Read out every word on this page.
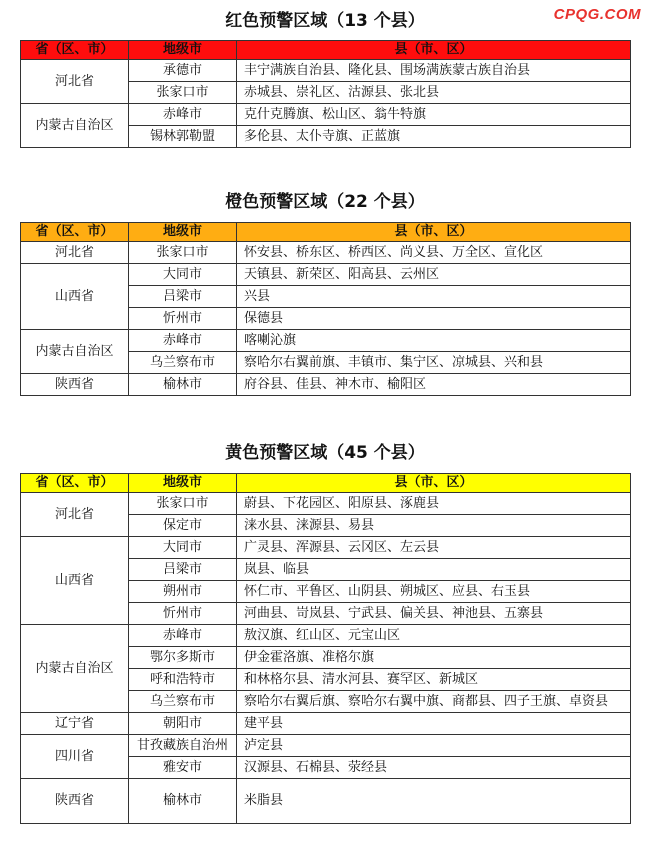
CPQG.COM
红色预警区域（13 个县）
省（区、市）	地级市	县（市、区）
河北省	承德市	丰宁满族自治县、隆化县、围场满族蒙古族自治县
	张家口市	赤城县、崇礼区、沽源县、张北县
内蒙古自治区	赤峰市	克什克腾旗、松山区、翁牛特旗
	锡林郭勒盟	多伦县、太仆寺旗、正蓝旗
橙色预警区域（22 个县）
省（区、市）	地级市	县（市、区）
河北省	张家口市	怀安县、桥东区、桥西区、尚义县、万全区、宣化区
山西省	大同市	天镇县、新荣区、阳高县、云州区
	吕梁市	兴县
	忻州市	保德县
内蒙古自治区	赤峰市	喀喇沁旗
	乌兰察布市	察哈尔右翼前旗、丰镇市、集宁区、凉城县、兴和县
陕西省	榆林市	府谷县、佳县、神木市、榆阳区
黄色预警区域（45 个县）
省（区、市）	地级市	县（市、区）
河北省	张家口市	蔚县、下花园区、阳原县、涿鹿县
	保定市	涞水县、涞源县、易县
山西省	大同市	广灵县、浑源县、云冈区、左云县
	吕梁市	岚县、临县
	朔州市	怀仁市、平鲁区、山阴县、朔城区、应县、右玉县
	忻州市	河曲县、岢岚县、宁武县、偏关县、神池县、五寨县
内蒙古自治区	赤峰市	敖汉旗、红山区、元宝山区
	鄂尔多斯市	伊金霍洛旗、准格尔旗
	呼和浩特市	和林格尔县、清水河县、赛罕区、新城区
	乌兰察布市	察哈尔右翼后旗、察哈尔右翼中旗、商都县、四子王旗、卓资县
辽宁省	朝阳市	建平县
四川省	甘孜藏族自治州	泸定县
	雅安市	汉源县、石棉县、荥经县
陕西省	榆林市	米脂县
